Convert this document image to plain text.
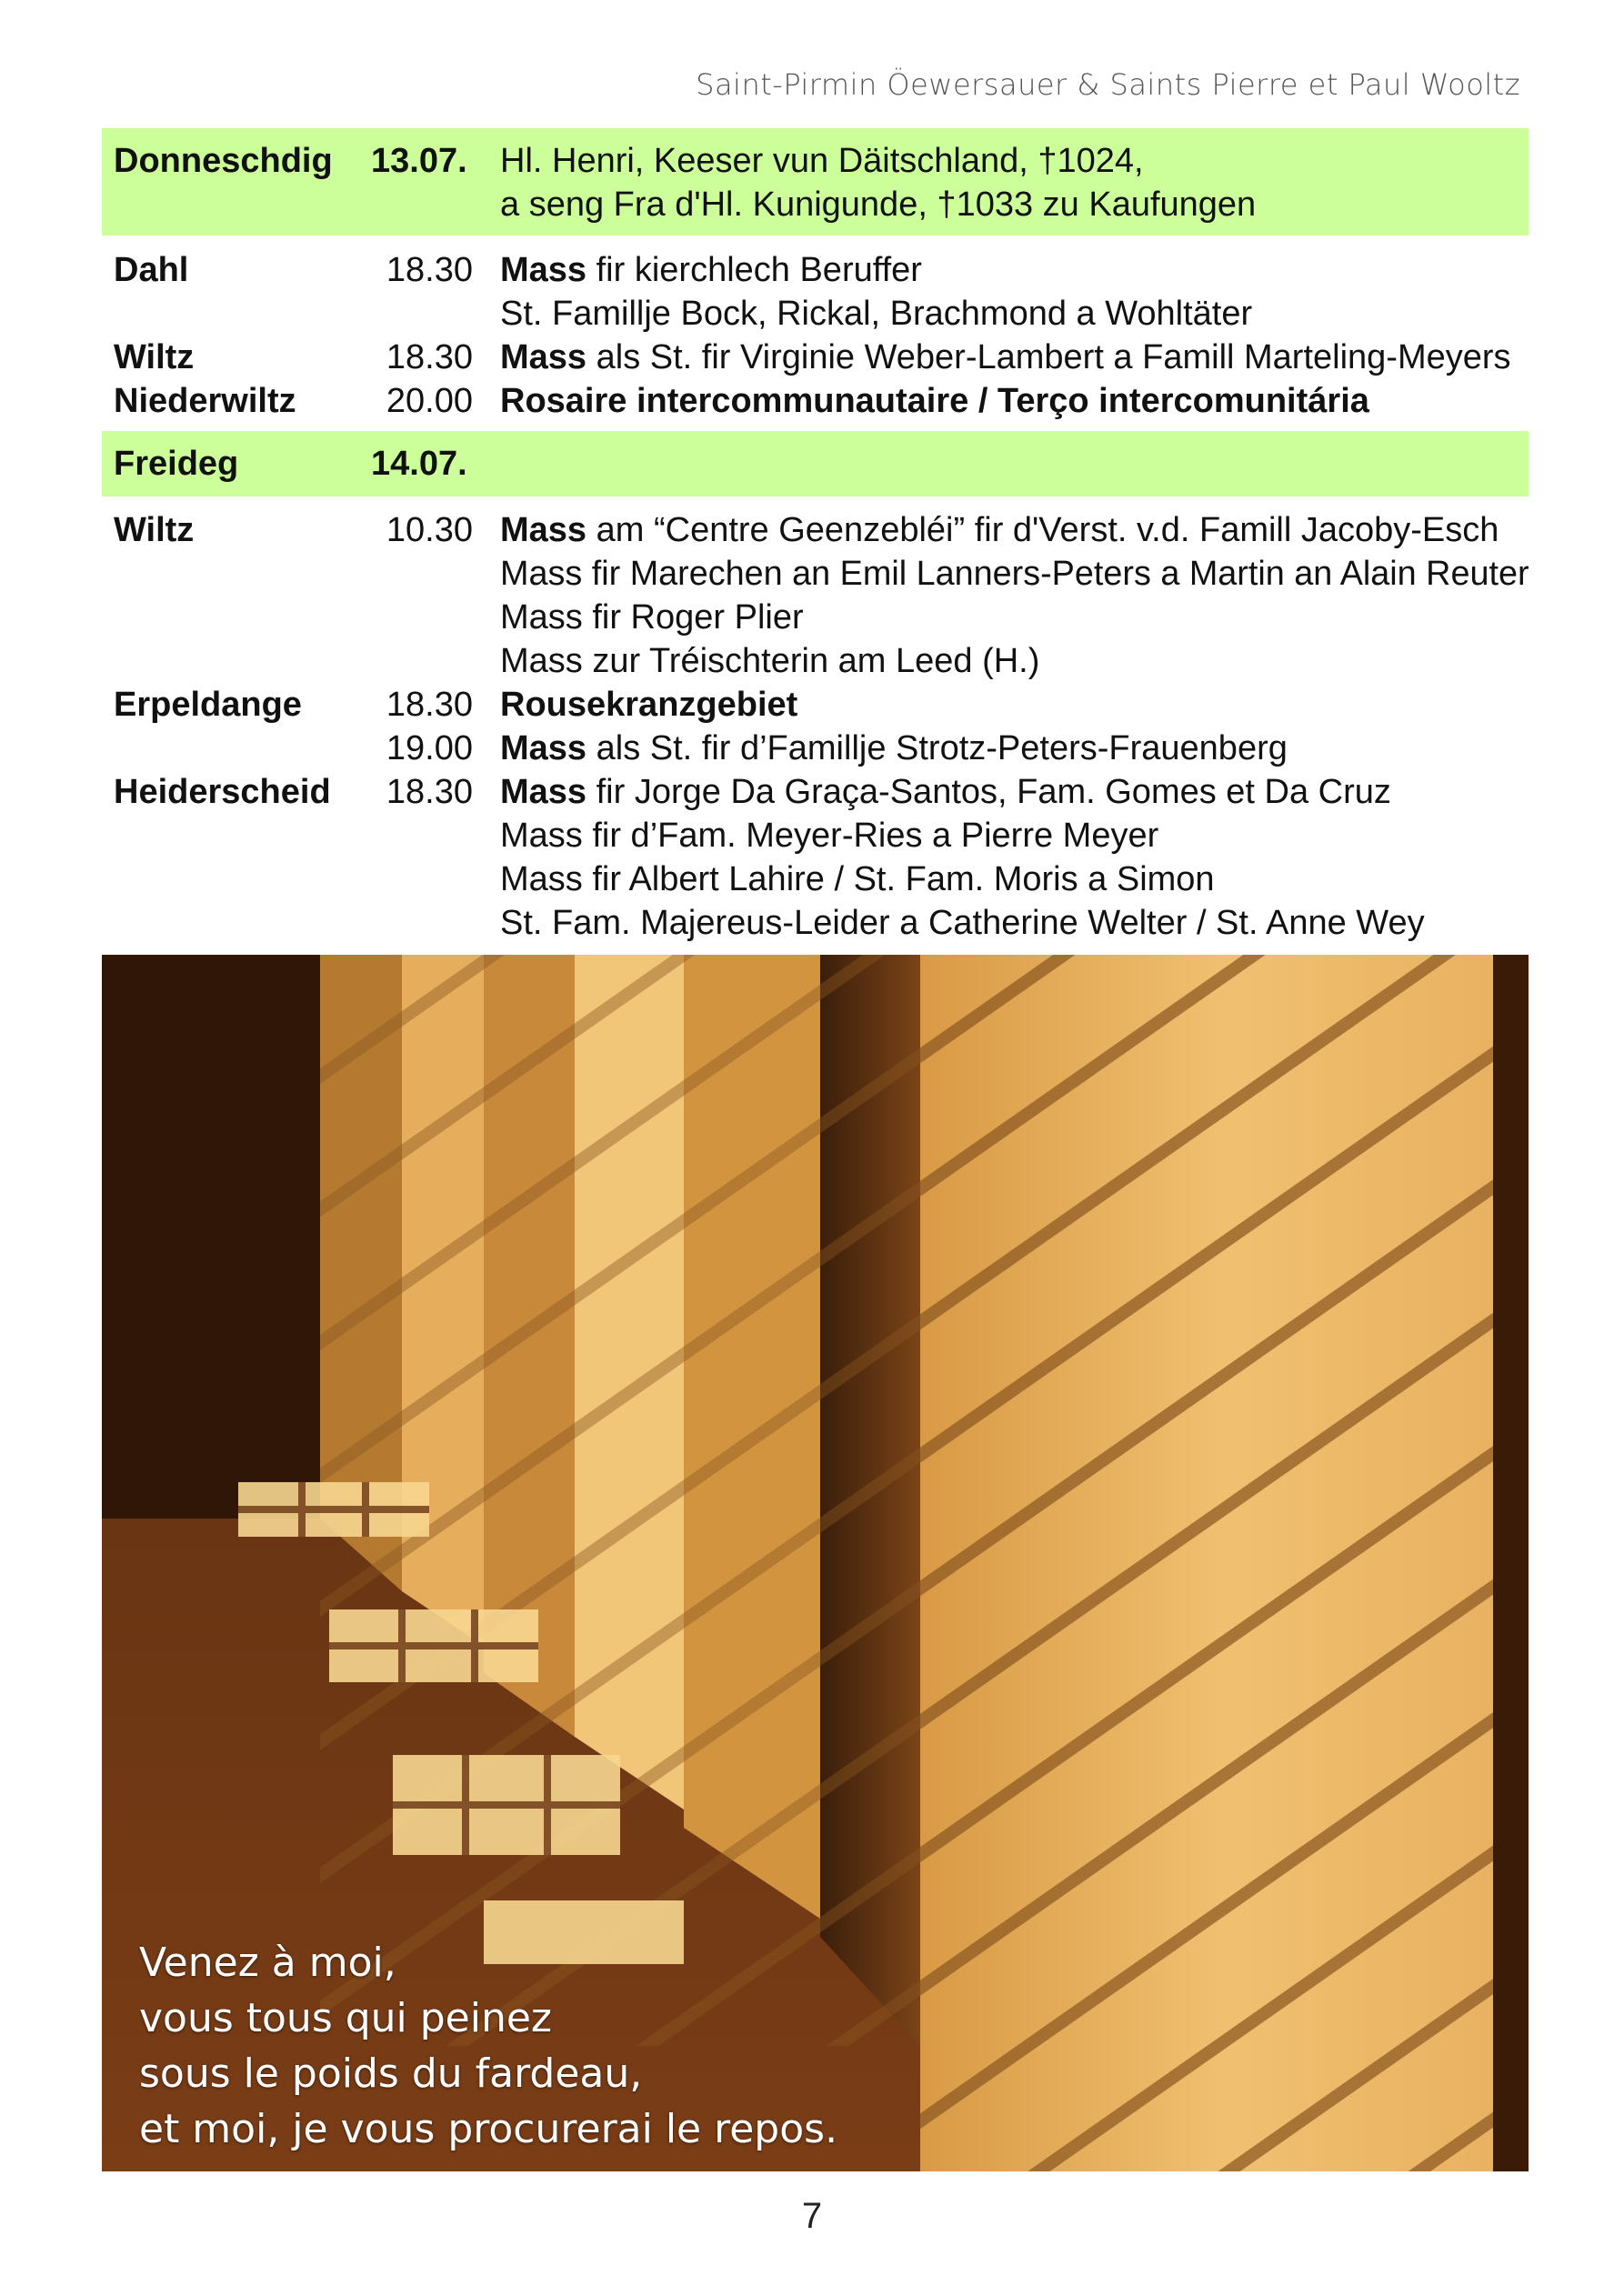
Saint-Pirmin Öewersauer & Saints Pierre et Paul Wooltz
Donneschdig 13.07. Hl. Henri, Keeser vun Däitschland, †1024,
a seng Fra d'Hl. Kunigunde, †1033 zu Kaufungen
Dahl	18.30 Mass fir kierchlech Beruffer
St. Famillje Bock, Rickal, Brachmond a Wohltäter
Wiltz	18.30 Mass als St. fir Virginie Weber-Lambert a Famill Marteling-Meyers
Niederwiltz	20.00 Rosaire intercommunautaire / Terço intercomunitária
Freideg	14.07.
Wiltz	10.30 Mass am “Centre Geenzebléi” fir d'Verst. v.d. Famill Jacoby-Esch
Mass fir Marechen an Emil Lanners-Peters a Martin an Alain Reuter
Mass fir Roger Plier
Mass zur Tréischterin am Leed (H.)
Erpeldange	18.30 Rousekranzgebiet
19.00 Mass als St. fir d’Famillje Strotz-Peters-Frauenberg
Heiderscheid	18.30 Mass fir Jorge Da Graça-Santos, Fam. Gomes et Da Cruz
Mass fir d’Fam. Meyer-Ries a Pierre Meyer
Mass fir Albert Lahire / St. Fam. Moris a Simon
St. Fam. Majereus-Leider a Catherine Welter / St. Anne Wey
Venez à moi,
vous tous qui peinez
sous le poids du fardeau,
et moi, je vous procurerai le repos.
7
